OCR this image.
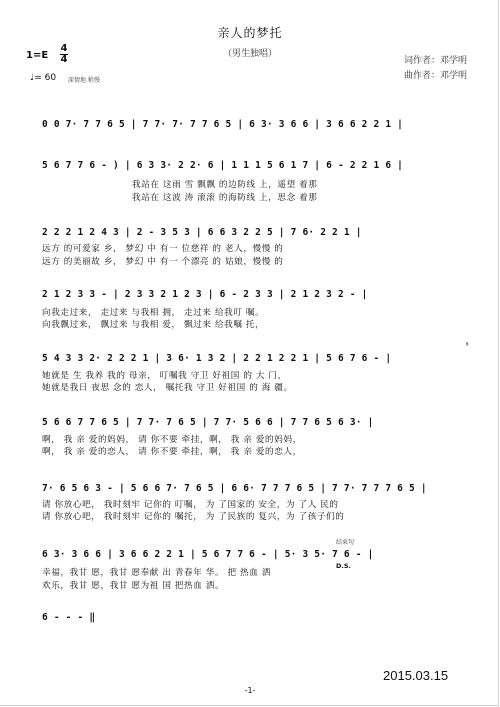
亲人的梦托
（男生独唱）
词作者：邓学明
曲作者：邓学明
1=E
4
4
♩= 60 深情地 稍慢
0 0 7· 7 7 6 5 | 7 7· 7· 7 7 6 5 | 6 3· 3 6 6 | 3 6 6 2 2 1 |
5 6 7 7 6 - ) | 6 3 3· 2 2· 6 | 1 1 1 5 6 1 7 | 6 - 2 2 1 6 |
我站在 这雨 雪 飘飘 的边防线 上，遥望 着那
我站在 这波 涛 滚滚 的海防线 上，思念 着那
2 2 2 1 2 4 3 | 2 - 3 5 3 | 6 6 3 2 2 5 | 7 6· 2 2 1 |
远方 的可爱家 乡， 梦幻 中 有一 位慈祥 的 老人，慢慢 的
远方 的美丽故 乡， 梦幻 中 有一 个漂亮 的 姑娘，慢慢 的
2 1 2 3 3 - | 2 3 3 2 1 2 3 | 6 - 2 3 3 | 2 1 2 3 2 - |
向我走过来， 走过来 与我相 拥， 走过来 给我叮 嘱。
向我飘过来， 飘过来 与我相 爱， 飘过来 给我嘱 托，
5 4 3 3 2· 2 2 2 1 | 3 6· 1 3 2 | 2 2 1 2 2 1 | 5 6 7 6 - |
她就是 生 我养 我的 母亲， 叮嘱我 守卫 好祖国 的 大 门，
她就是我日 夜思 念的 恋人， 嘱托我 守卫 好祖国 的 海 疆。
𝄋
5 6 6 7 7 6 5 | 7 7· 7 6 5 | 7 7· 5 6 6 | 7 7 6 5 6 3· |
啊， 我 亲 爱的妈妈， 请 你不要 牵挂，啊， 我 亲 爱的妈妈，
啊， 我 亲 爱的恋人， 请 你不要 牵挂，啊， 我 亲 爱的恋人，
7· 6 5 6 3 - | 5 6 6 7· 7 6 5 | 6 6· 7 7 7 6 5 | 7 7· 7 7 7 6 5 |
请 你放心吧， 我时刻牢 记你的 叮嘱， 为 了国家的 安全，为 了人 民的
请 你放心吧， 我时刻牢 记你的 嘱托， 为 了民族的 复兴，为 了孩子们的
结束句
6 3· 3 6 6 | 3 6 6 2 2 1 | 5 6 7 7 6 - | 5· 3 5· 7 6 - |
幸福，我甘 愿，我甘 愿奉献 出 青春年 华。 把 热血 洒
欢乐，我甘 愿，我甘 愿为祖 国 把热血 洒。
D.S.
6 - - - ‖
2015.03.15
-1-
